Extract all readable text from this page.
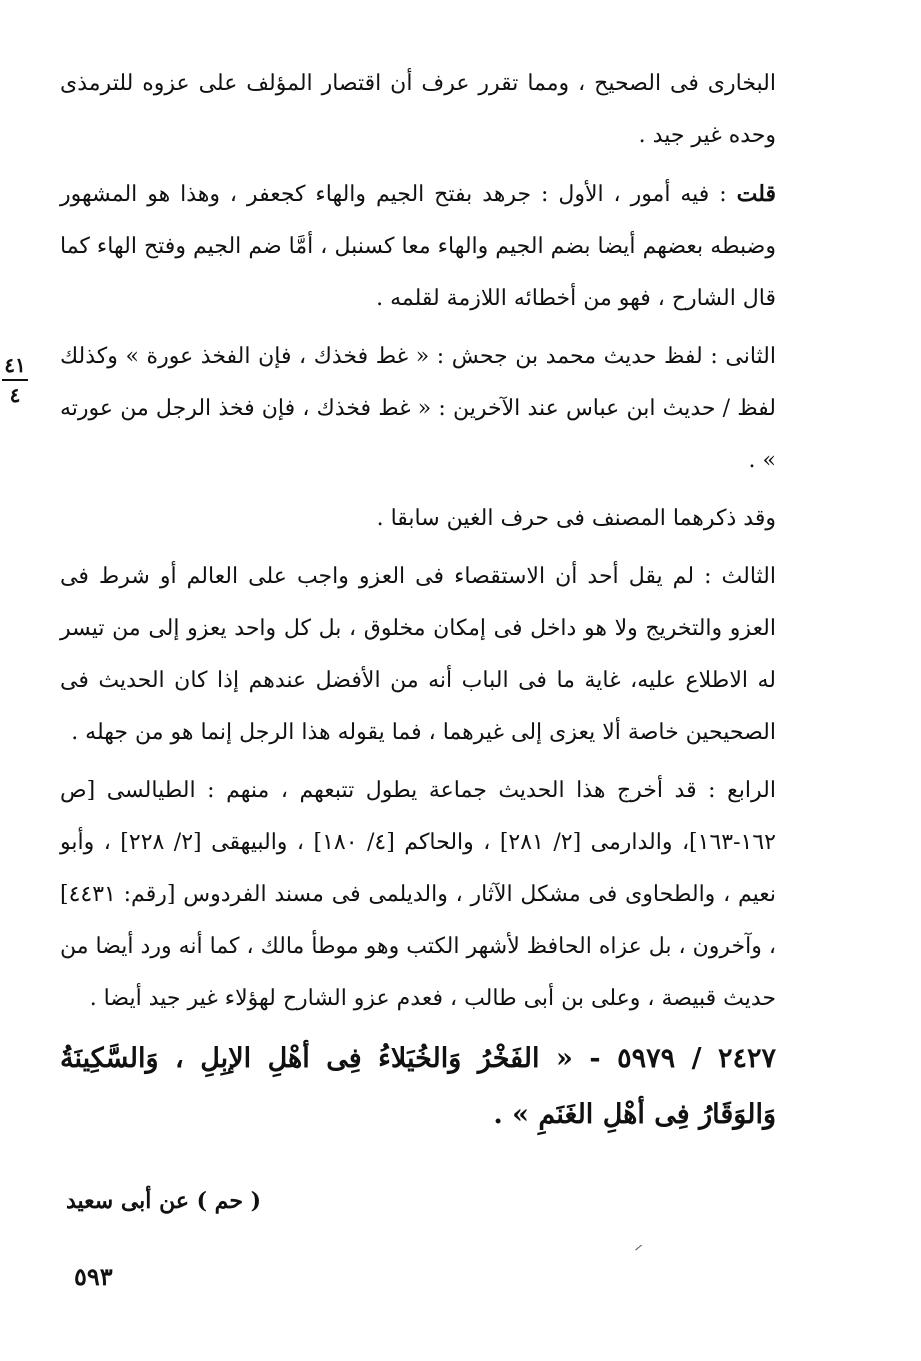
٤١
٤

البخارى فى الصحيح ، ومما تقرر عرف أن اقتصار المؤلف على عزوه للترمذى وحده غير جيد .

قلت : فيه أمور ، الأول : جرهد بفتح الجيم والهاء كجعفر ، وهذا هو المشهور وضبطه بعضهم أيضا بضم الجيم والهاء معا كسنبل ، أمَّا ضم الجيم وفتح الهاء كما قال الشارح ، فهو من أخطائه اللازمة لقلمه .

الثانى : لفظ حديث محمد بن جحش : « غط فخذك ، فإن الفخذ عورة » وكذلك لفظ / حديث ابن عباس عند الآخرين : « غط فخذك ، فإن فخذ الرجل من عورته » .

وقد ذكرهما المصنف فى حرف الغين سابقا .

الثالث : لم يقل أحد أن الاستقصاء فى العزو واجب على العالم أو شرط فى العزو والتخريج ولا هو داخل فى إمكان مخلوق ، بل كل واحد يعزو إلى من تيسر له الاطلاع عليه، غاية ما فى الباب أنه من الأفضل عندهم إذا كان الحديث فى الصحيحين خاصة ألا يعزى إلى غيرهما ، فما يقوله هذا الرجل إنما هو من جهله .

الرابع : قد أخرج هذا الحديث جماعة يطول تتبعهم ، منهم : الطيالسى [ص ١٦٢-١٦٣]، والدارمى [٢/ ٢٨١] ، والحاكم [٤/ ١٨٠] ، والبيهقى [٢/ ٢٢٨] ، وأبو نعيم ، والطحاوى فى مشكل الآثار ، والديلمى فى مسند الفردوس [رقم: ٤٤٣١] ، وآخرون ، بل عزاه الحافظ لأشهر الكتب وهو موطأ مالك ، كما أنه ورد أيضا من حديث قبيصة ، وعلى بن أبى طالب ، فعدم عزو الشارح لهؤلاء غير جيد أيضا .

٢٤٢٧ / ٥٩٧٩ - « الفَخْرُ وَالخُيَلاءُ فِى أهْلِ الإبِلِ ، وَالسَّكِينَةُ وَالوَقَارُ فِى أهْلِ الغَنَمِ » .

( حم ) عن أبى سعيد
٥٩٣
